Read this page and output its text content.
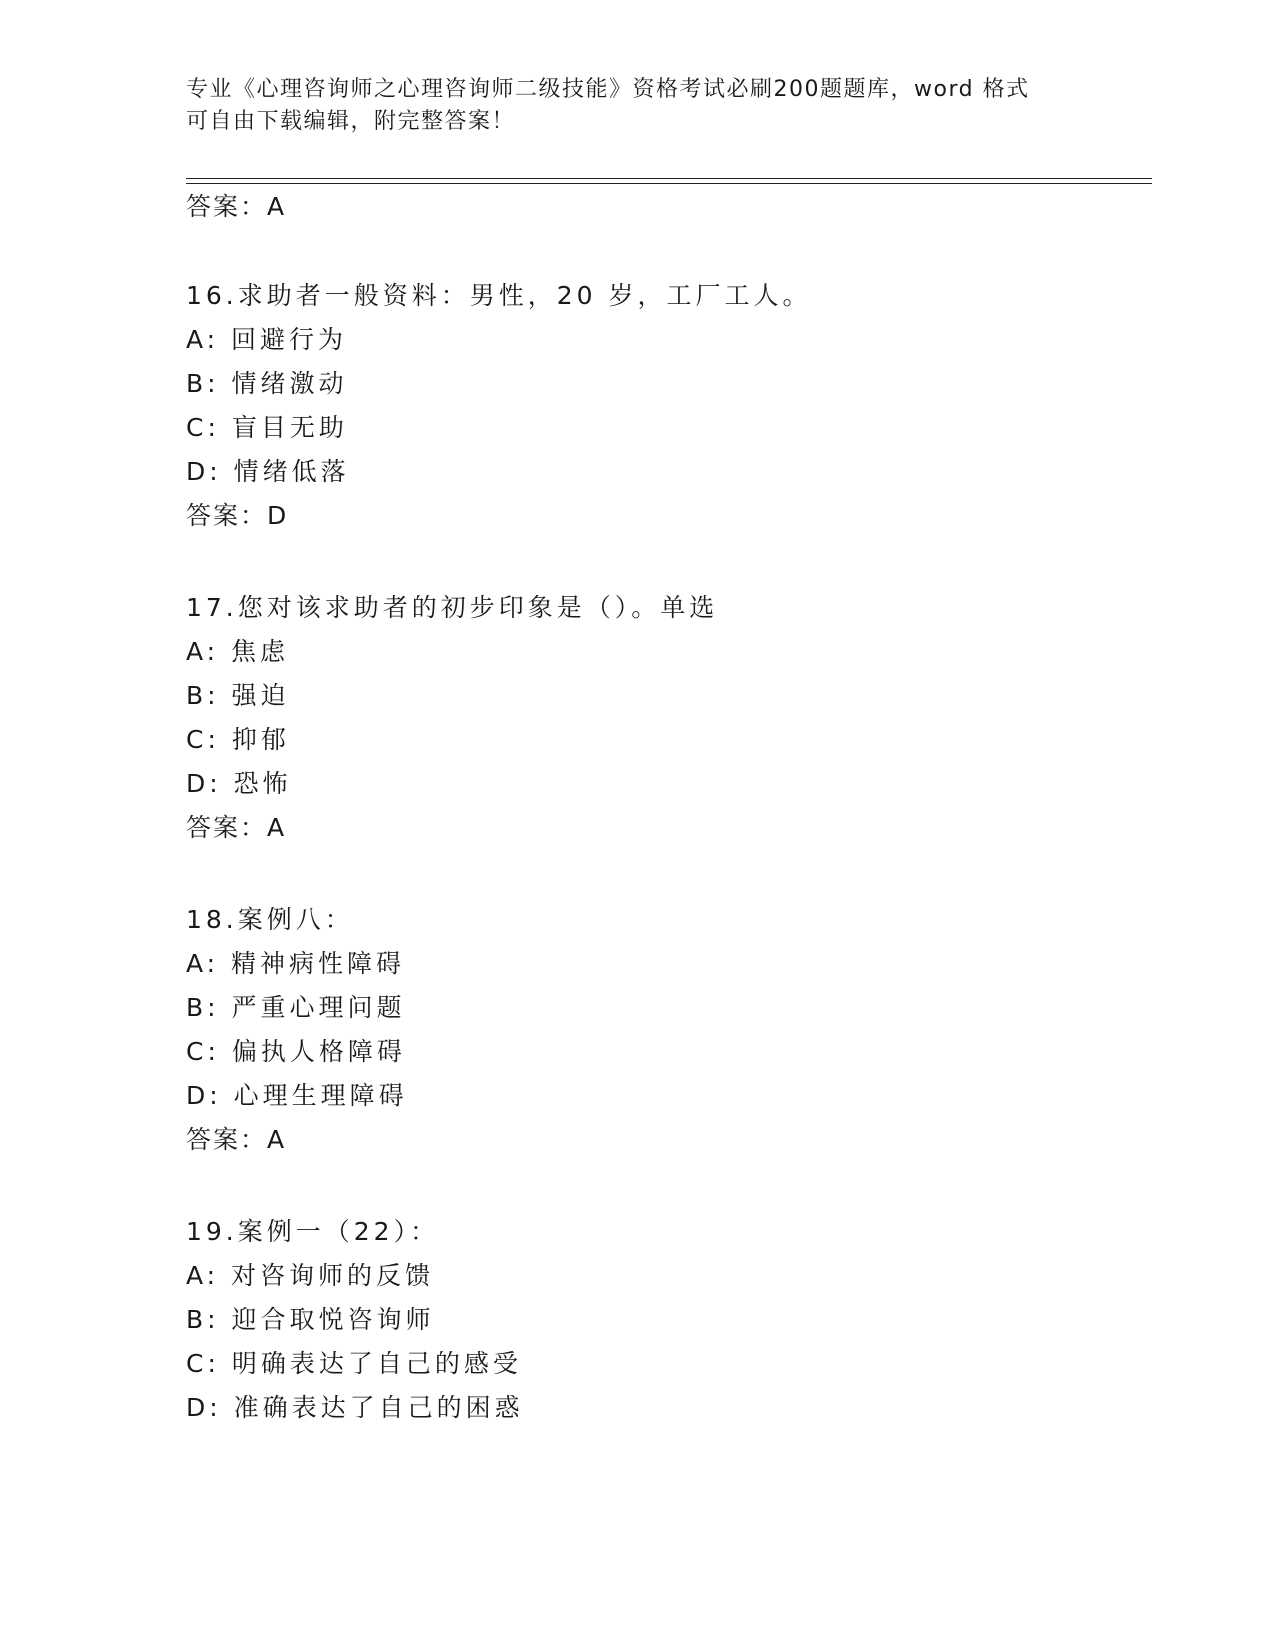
专业《心理咨询师之心理咨询师二级技能》资格考试必刷200题题库，word 格式
可自由下载编辑，附完整答案！
答案：A
16.求助者一般资料：男性，20 岁，工厂工人。
A: 回避行为
B: 情绪激动
C: 盲目无助
D: 情绪低落
答案：D
17.您对该求助者的初步印象是（）。单选
A: 焦虑
B: 强迫
C: 抑郁
D: 恐怖
答案：A
18.案例八：
A: 精神病性障碍
B: 严重心理问题
C: 偏执人格障碍
D: 心理生理障碍
答案：A
19.案例一（22）：
A: 对咨询师的反馈
B: 迎合取悦咨询师
C: 明确表达了自己的感受
D: 准确表达了自己的困惑
